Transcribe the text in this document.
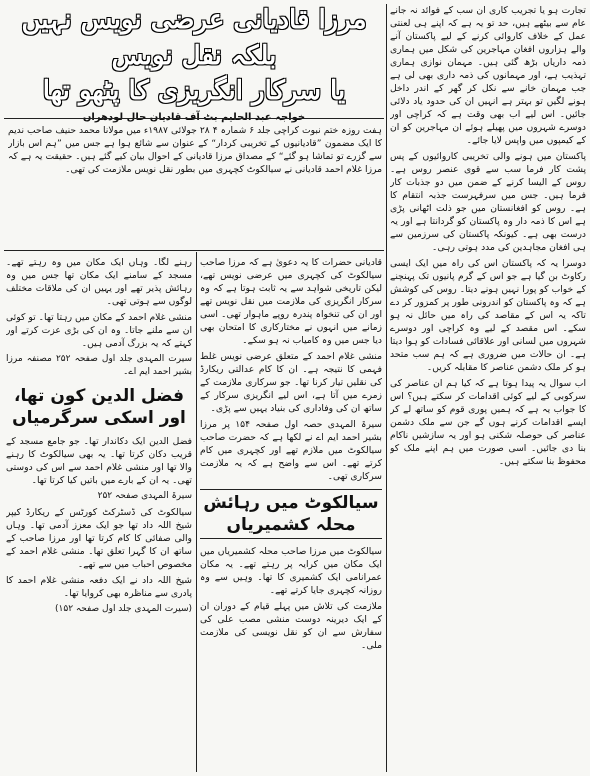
تجارت ہو یا تجریب کاری ان سب کے فوائد نہ جانے عام سے بیٹھے ہیں، حد تو یہ ہے کہ اپنے ہی لعنتی عمل کے خلاف کاروائی کرنے کے لیے پاکستان آنے والے ہزاروں افغان مہاجرین کی شکل میں ہماری ذمہ داریاں بڑھ گئی ہیں۔ مہمان نوازی ہماری تہذیب ہے، اور مہمانوں کی ذمہ داری بھی لی ہے جب مہمان خانے سے نکل کر گھر کے اندر داخل ہونے لگیں تو بہتر ہے انہیں ان کی حدود یاد دلائی جائیں۔ اس لیے اب بھی وقت ہے کہ کراچی اور دوسرے شہروں میں پھیلے ہوئے ان مہاجرین کو ان کے کیمپوں میں واپس لایا جائے۔

پاکستان میں ہونے والی تخریبی کاروائیوں کے پس پشت کار فرما سب سے قوی عنصر روس ہے۔ روس کے الیسا کرنے کے ضمن میں دو جذبات کار فرما ہیں۔ جس میں سرفہرست جذبہ انتقام کا ہے۔ روس کو افغانستان میں جو ذلت اٹھانی پڑی ہے اس کا ذمہ دار وہ پاکستان کو گردانتا ہے اور یہ درست بھی ہے۔ کیونکہ پاکستان کی سرزمین سے ہی افغان مجاہدین کی مدد ہوتی رہی۔

دوسرا یہ کہ پاکستان اس کی راہ میں ایک ایسی رکاوٹ بن گیا ہے جو اس کے گرم پانیوں تک پہنچنے کے خواب کو پورا نہیں ہونے دیتا۔ روس کی کوشش ہے کہ وہ پاکستان کو اندرونی طور پر کمزور کر دے تاکہ یہ اس کے مقاصد کی راہ میں حائل نہ ہو سکے۔ اس مقصد کے لیے وہ کراچی اور دوسرے شہروں میں لسانی اور علاقائی فسادات کو ہوا دیتا ہے۔ ان حالات میں ضروری ہے کہ ہم سب متحد ہو کر ملک دشمن عناصر کا مقابلہ کریں۔

اب سوال یہ پیدا ہوتا ہے کہ کیا ہم ان عناصر کی سرکوبی کے لیے کوئی اقدامات کر سکتے ہیں؟ اس کا جواب یہ ہے کہ ہمیں پوری قوم کو ساتھ لے کر ایسے اقدامات کرنے ہوں گے جن سے ملک دشمن عناصر کی حوصلہ شکنی ہو اور یہ سازشیں ناکام بنا دی جائیں۔ اسی صورت میں ہم اپنے ملک کو محفوظ بنا سکتے ہیں۔

مرزا قادیانی عرضی نویس نہیں بلکہ نقل نویس
یا سرکار انگریزی کا پٹھو تھا

ہفت روزہ ختم نبوت کراچی جلد ۶ شمارہ ۴ ۲۸ جولائی ۱۹۸۷ء میں مولانا محمد حنیف صاحب ندیم کا ایک مضمون ”قادیانیوں کے تخریبی کردار“ کے عنوان سے شائع ہوا ہے جس میں ”ہم اس بازار سے گزرے تو تماشا ہو گئے“ کے مصداق مرزا قادیانی کے احوال بیان کیے گئے ہیں۔ حقیقت یہ ہے کہ مرزا غلام احمد قادیانی نے سیالکوٹ کچہری میں بطور نقل نویس ملازمت کی تھی۔

قادیانی حضرات کا یہ دعویٰ ہے کہ مرزا صاحب سیالکوٹ کی کچہری میں عرضی نویس تھے، لیکن تاریخی شواہد سے یہ ثابت ہوتا ہے کہ وہ سرکار انگریزی کی ملازمت میں نقل نویس تھے اور ان کی تنخواہ پندرہ روپے ماہوار تھی۔ اسی زمانے میں انہوں نے مختارکاری کا امتحان بھی دیا جس میں وہ کامیاب نہ ہو سکے۔

منشی غلام احمد کے متعلق عرضی نویس غلط فہمی کا نتیجہ ہے۔ ان کا کام عدالتی ریکارڈ کی نقلیں تیار کرنا تھا۔ جو سرکاری ملازمت کے زمرے میں آتا ہے، اس لیے انگریزی سرکار کے ساتھ ان کی وفاداری کی بنیاد یہیں سے پڑی۔

سیرۃ المہدی حصہ اول صفحہ ۱۵۴ پر مرزا بشیر احمد ایم اے نے لکھا ہے کہ حضرت صاحب سیالکوٹ میں ملازم تھے اور کچہری میں کام کرتے تھے۔ اس سے واضح ہے کہ یہ ملازمت سرکاری تھی۔

سیالکوٹ میں رہائش محلہ کشمیریاں

سیالکوٹ میں مرزا صاحب محلہ کشمیریاں میں ایک مکان میں کرایہ پر رہتے تھے۔ یہ مکان عمرانامی ایک کشمیری کا تھا۔ وہیں سے وہ روزانہ کچہری جایا کرتے تھے۔

ملازمت کی تلاش میں پہلے قیام کے دوران ان کے ایک دیرینہ دوست منشی مصب علی کی سفارش سے ان کو نقل نویسی کی ملازمت ملی۔

رہنے لگا۔ وہاں ایک مکان میں وہ رہتے تھے۔ مسجد کے سامنے ایک مکان تھا جس میں وہ رہائش پذیر تھے اور یہیں ان کی ملاقات مختلف لوگوں سے ہوتی تھی۔

منشی غلام احمد کے مکان میں رہتا تھا۔ تو کوئی ان سے ملنے جاتا۔ وہ ان کی بڑی عزت کرتے اور کہتے کہ یہ بزرگ آدمی ہیں۔

سیرت المہدی جلد اول صفحہ ۲۵۲ مصنفہ مرزا بشیر احمد ایم اے۔

فضل الدین کون تھا، اور اسکی سرگرمیاں

فضل الدین ایک دکاندار تھا۔ جو جامع مسجد کے قریب دکان کرتا تھا۔ یہ بھی سیالکوٹ کا رہنے والا تھا اور منشی غلام احمد سے اس کی دوستی تھی۔ یہ ان کے بارے میں باتیں کیا کرتا تھا۔

سیرۃ المہدی صفحہ ۲۵۲

سیالکوٹ کی ڈسٹرکٹ کورٹس کے ریکارڈ کیپر شیخ اللہ داد تھا جو ایک معزز آدمی تھا۔ وہاں والی صفائی کا کام کرتا تھا اور مرزا صاحب کے ساتھ ان کا گہرا تعلق تھا۔ منشی غلام احمد کے مخصوص احباب میں سے تھے۔

شیخ اللہ داد نے ایک دفعہ منشی غلام احمد کا پادری سے مناظرہ بھی کروایا تھا۔

(سیرت المہدی جلد اول صفحہ ۱۵۲)
